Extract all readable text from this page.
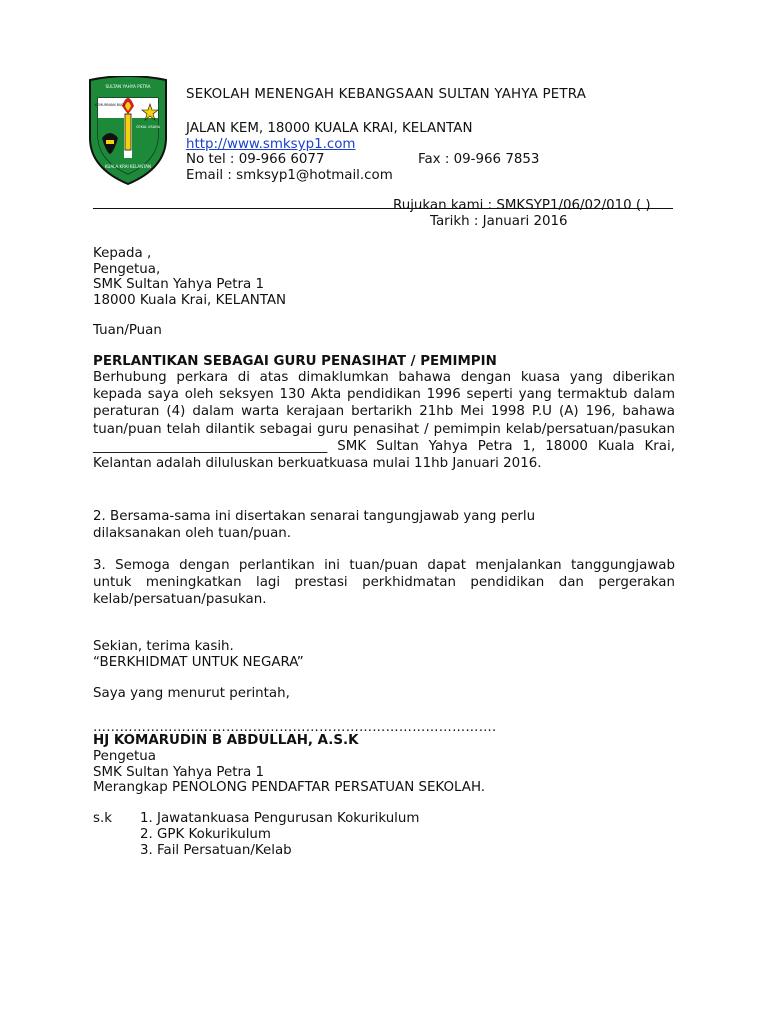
SULTAN YAHYA PETRA
KEMURNIAN BUDI
CEKAL USAHA
KUALA KRAI KELANTAN
SEKOLAH MENENGAH KEBANGSAAN SULTAN YAHYA PETRA
JALAN KEM, 18000 KUALA KRAI, KELANTAN
http://www.smksyp1.com
No tel : 09-966 6077	Fax : 09-966 7853
Email : smksyp1@hotmail.com
Rujukan kami : SMKSYP1/06/02/010 ( )
Tarikh : Januari 2016
Kepada ,
Pengetua,
SMK Sultan Yahya Petra 1
18000 Kuala Krai, KELANTAN
Tuan/Puan
PERLANTIKAN SEBAGAI GURU PENASIHAT / PEMIMPIN
Berhubung perkara di atas dimaklumkan bahawa dengan kuasa yang diberikan kepada saya oleh seksyen 130 Akta pendidikan 1996 seperti yang termaktub dalam peraturan (4) dalam warta kerajaan bertarikh 21hb Mei 1998 P.U (A) 196, bahawa tuan/puan telah dilantik sebagai guru penasihat / pemimpin kelab/persatuan/pasukan ___________________________________ SMK Sultan Yahya Petra 1, 18000 Kuala Krai, Kelantan adalah diluluskan berkuatkuasa mulai 11hb Januari 2016.
2. Bersama-sama ini disertakan senarai tangungjawab yang perlu
dilaksanakan oleh tuan/puan.
3. Semoga dengan perlantikan ini tuan/puan dapat menjalankan tanggungjawab untuk meningkatkan lagi prestasi perkhidmatan pendidikan dan pergerakan kelab/persatuan/pasukan.
Sekian, terima kasih.
“BERKHIDMAT UNTUK NEGARA”
Saya yang menurut perintah,
……………………………………………………………………………….
HJ KOMARUDIN B ABDULLAH, A.S.K
Pengetua
SMK Sultan Yahya Petra 1
Merangkap PENOLONG PENDAFTAR PERSATUAN SEKOLAH.
s.k 1. Jawatankuasa Pengurusan Kokurikulum
2. GPK Kokurikulum
3. Fail Persatuan/Kelab
